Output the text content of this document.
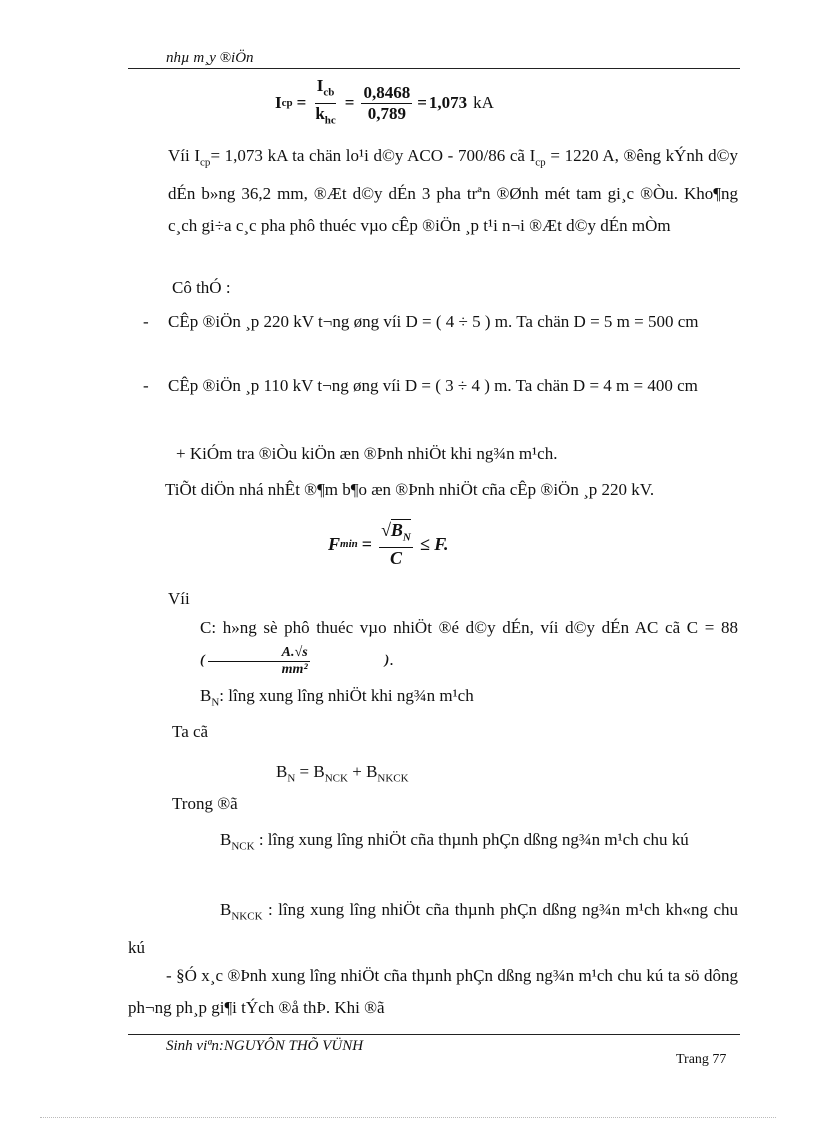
nhµ m¸y ®iÖn
I cp = $\frac{I_{cb}}{k_{hc}} = \frac{0,8468}{0,789} = 1,073$ kA
Víi $I_{cp}= 1,073$ kA ta chän lo¹i d©y ACO - 700/86 cã $I_{cp} = 1220$ A, ®êng kÝnh d©y dÉn b»ng 36,2 mm, ®Æt d©y dÉn 3 pha trªn ®Ønh mét tam gi¸c ®Òu. Kho¶ng c¸ch gi÷a c¸c pha phô thuéc vµo cÊp ®iÖn ¸p t¹i n¬i ®Æt d©y dÉn mÒm
Cô thÓ :
- CÊp ®iÖn ¸p 220 kV t¬ng øng víi D = ( 4 ÷ 5 ) m. Ta chän D = 5 m = 500 cm
- CÊp ®iÖn ¸p 110 kV t¬ng øng víi D = ( 3 ÷ 4 ) m. Ta chän D = 4 m = 400 cm
+ KiÓm tra ®iÒu kiÖn æn ®Þnh nhiÖt khi ng¾n m¹ch.
TiÕt diÖn nhá nhÊt ®¶m b¶o æn ®Þnh nhiÖt cña cÊp ®iÖn ¸p 220 kV.
F $\min = \frac{√B_N}{C} \le F$.
Víi
C: h»ng sè phô thuéc vµo nhiÖt ®é d©y dÉn, víi d©y dÉn AC cã C = 88 ( $\frac{A.√s}{\text{mm²}}$	).
$B_N$: lîng xung lîng nhiÖt khi ng¾n m¹ch
Ta cã
$B_N = B_{NCK} + B_{NKCK}$
Trong ®ã
$B_{NCK}$ : lîng xung lîng nhiÖt cña thµnh phÇn dßng ng¾n m¹ch chu kú
$B_{NKCK}$ : lîng xung lîng nhiÖt cña thµnh phÇn dßng ng¾n m¹ch kh«ng chu kú
- §Ó x¸c ®Þnh xung lîng nhiÖt cña thµnh phÇn dßng ng¾n m¹ch chu kú ta sö dông ph¬ng ph¸p gi¶i tÝch ®å thÞ. Khi ®ã
Sinh viªn:NGUYÔN THÕ VÜNH
Trang 77
